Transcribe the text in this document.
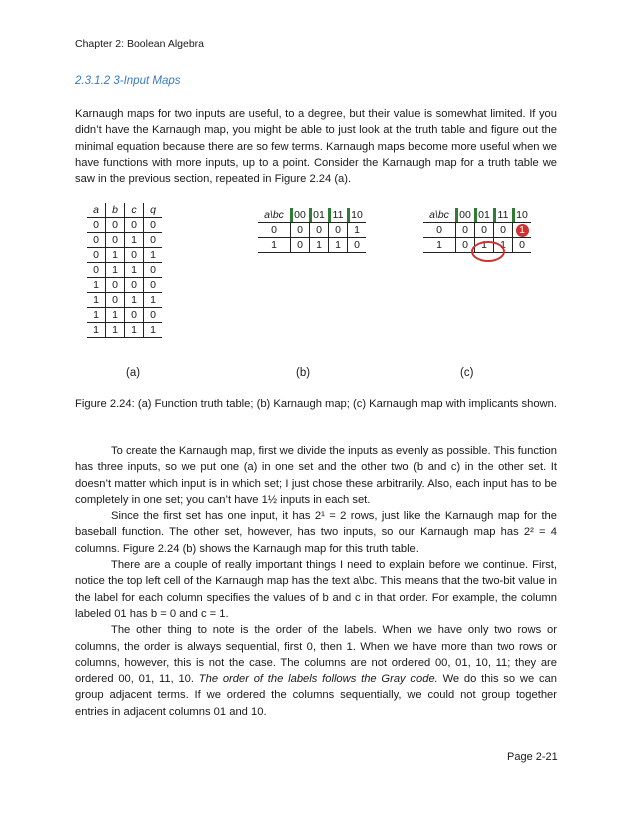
Chapter 2: Boolean Algebra
2.3.1.2 3-Input Maps

Karnaugh maps for two inputs are useful, to a degree, but their value is somewhat limited. If you didn’t have the Karnaugh map, you might be able to just look at the truth table and figure out the minimal equation because there are so few terms. Karnaugh maps become more useful when we have functions with more inputs, up to a point. Consider the Karnaugh map for a truth table we saw in the previous section, repeated in Figure 2.24 (a).

a	b	c	q
0	0	0	0
0	0	1	0
0	1	0	1
0	1	1	0
1	0	0	0
1	0	1	1
1	1	0	0
1	1	1	1
a\bc	00	01	11	10
0	0	0	0	1
1	0	1	1	0
a\bc	00	01	11	10
0	0	0	0	1
1	0	1	1	0
(a)	(b)	(c)
Figure 2.24: (a) Function truth table; (b) Karnaugh map; (c) Karnaugh map with implicants shown.

To create the Karnaugh map, first we divide the inputs as evenly as possible. This function has three inputs, so we put one (a) in one set and the other two (b and c) in the other set. It doesn’t matter which input is in which set; I just chose these arbitrarily. Also, each input has to be completely in one set; you can’t have 1½ inputs in each set.

Since the first set has one input, it has 2¹ = 2 rows, just like the Karnaugh map for the baseball function. The other set, however, has two inputs, so our Karnaugh map has 2² = 4 columns. Figure 2.24 (b) shows the Karnaugh map for this truth table.

There are a couple of really important things I need to explain before we continue. First, notice the top left cell of the Karnaugh map has the text a\bc. This means that the two-bit value in the label for each column specifies the values of b and c in that order. For example, the column labeled 01 has b = 0 and c = 1.

The other thing to note is the order of the labels. When we have only two rows or columns, the order is always sequential, first 0, then 1. When we have more than two rows or columns, however, this is not the case. The columns are not ordered 00, 01, 10, 11; they are ordered 00, 01, 11, 10. The order of the labels follows the Gray code. We do this so we can group adjacent terms. If we ordered the columns sequentially, we could not group together entries in adjacent columns 01 and 10.

Page 2-21
